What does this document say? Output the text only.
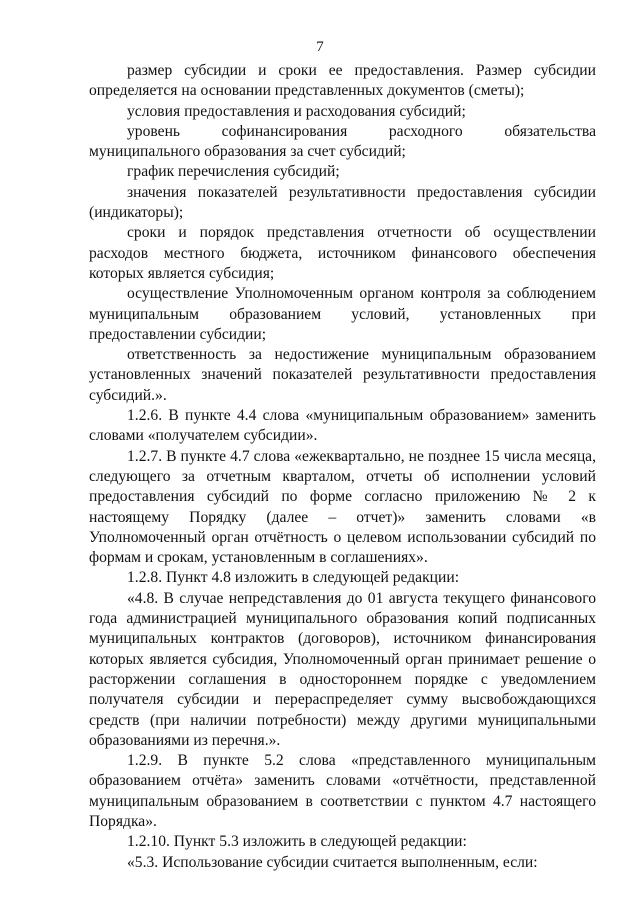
7

размер субсидии и сроки ее предоставления. Размер субсидии определяется на основании представленных документов (сметы);

условия предоставления и расходования субсидий;

уровень софинансирования расходного обязательства муниципального образования за счет субсидий;

график перечисления субсидий;

значения показателей результативности предоставления субсидии (индикаторы);

сроки и порядок представления отчетности об осуществлении расходов местного бюджета, источником финансового обеспечения которых является субсидия;

осуществление Уполномоченным органом контроля за соблюдением муниципальным образованием условий, установленных при предоставлении субсидии;

ответственность за недостижение муниципальным образованием установленных значений показателей результативности предоставления субсидий.».

1.2.6. В пункте 4.4 слова «муниципальным образованием» заменить словами «получателем субсидии».

1.2.7. В пункте 4.7 слова «ежеквартально, не позднее 15 числа месяца, следующего за отчетным кварталом, отчеты об исполнении условий предоставления субсидий по форме согласно приложению № 2 к настоящему Порядку (далее – отчет)» заменить словами «в Уполномоченный орган отчётность о целевом использовании субсидий по формам и срокам, установленным в соглашениях».

1.2.8. Пункт 4.8 изложить в следующей редакции:

«4.8. В случае непредставления до 01 августа текущего финансового года администрацией муниципального образования копий подписанных муниципальных контрактов (договоров), источником финансирования которых является субсидия, Уполномоченный орган принимает решение о расторжении соглашения в одностороннем порядке с уведомлением получателя субсидии и перераспределяет сумму высвобождающихся средств (при наличии потребности) между другими муниципальными образованиями из перечня.».

1.2.9. В пункте 5.2 слова «представленного муниципальным образованием отчёта» заменить словами «отчётности, представленной муниципальным образованием в соответствии с пунктом 4.7 настоящего Порядка».

1.2.10. Пункт 5.3 изложить в следующей редакции:

«5.3. Использование субсидии считается выполненным, если:
